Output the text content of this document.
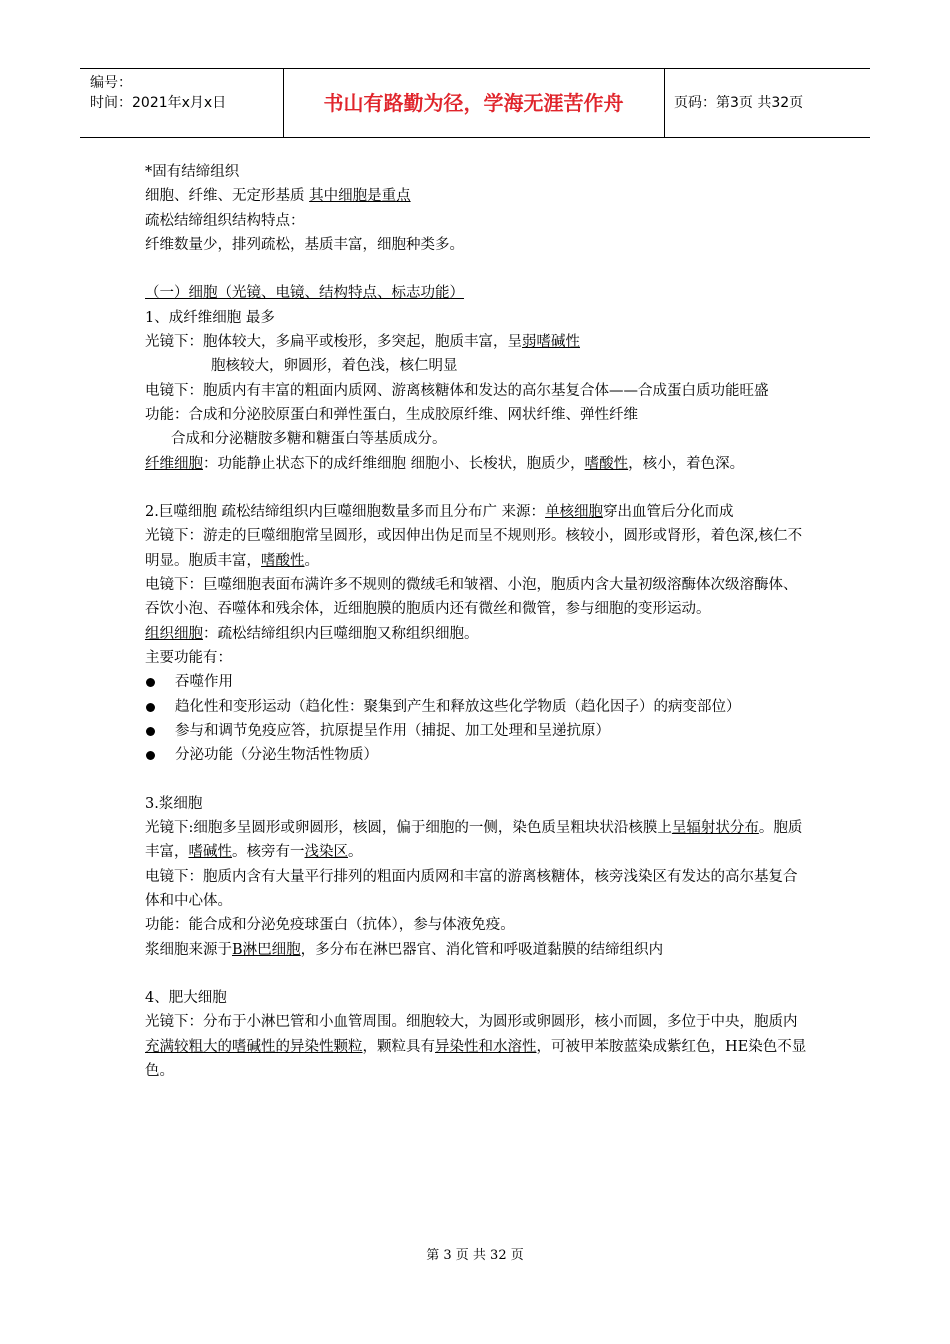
编号：
时间：2021年x月x日	书山有路勤为径，学海无涯苦作舟	页码：第3页 共32页

*固有结缔组织

细胞、纤维、无定形基质 其中细胞是重点

疏松结缔组织结构特点：

纤维数量少，排列疏松，基质丰富，细胞种类多。

（一）细胞（光镜、电镜、结构特点、标志功能）

1、成纤维细胞 最多

光镜下：胞体较大，多扁平或梭形，多突起，胞质丰富，呈弱嗜碱性

胞核较大，卵圆形，着色浅，核仁明显

电镜下：胞质内有丰富的粗面内质网、游离核糖体和发达的高尔基复合体——合成蛋白质功能旺盛

功能：合成和分泌胶原蛋白和弹性蛋白，生成胶原纤维、网状纤维、弹性纤维

合成和分泌糖胺多糖和糖蛋白等基质成分。

纤维细胞：功能静止状态下的成纤维细胞 细胞小、长梭状，胞质少，嗜酸性，核小，着色深。

2.巨噬细胞 疏松结缔组织内巨噬细胞数量多而且分布广 来源：单核细胞穿出血管后分化而成

光镜下：游走的巨噬细胞常呈圆形，或因伸出伪足而呈不规则形。核较小，圆形或肾形，着色深,核仁不明显。胞质丰富，嗜酸性。

电镜下：巨噬细胞表面布满许多不规则的微绒毛和皱褶、小泡，胞质内含大量初级溶酶体次级溶酶体、吞饮小泡、吞噬体和残余体，近细胞膜的胞质内还有微丝和微管，参与细胞的变形运动。

组织细胞：疏松结缔组织内巨噬细胞又称组织细胞。

主要功能有：

吞噬作用
趋化性和变形运动（趋化性：聚集到产生和释放这些化学物质（趋化因子）的病变部位）
参与和调节免疫应答，抗原提呈作用（捕捉、加工处理和呈递抗原）
分泌功能（分泌生物活性物质）

3.浆细胞

光镜下:细胞多呈圆形或卵圆形，核圆，偏于细胞的一侧，染色质呈粗块状沿核膜上呈辐射状分布。胞质丰富，嗜碱性。核旁有一浅染区。

电镜下：胞质内含有大量平行排列的粗面内质网和丰富的游离核糖体，核旁浅染区有发达的高尔基复合体和中心体。

功能：能合成和分泌免疫球蛋白（抗体），参与体液免疫。

浆细胞来源于B淋巴细胞，多分布在淋巴器官、消化管和呼吸道黏膜的结缔组织内

4、肥大细胞

光镜下：分布于小淋巴管和小血管周围。细胞较大，为圆形或卵圆形，核小而圆，多位于中央，胞质内充满较粗大的嗜碱性的异染性颗粒，颗粒具有异染性和水溶性，可被甲苯胺蓝染成紫红色，HE染色不显色。

第 3 页 共 32 页
